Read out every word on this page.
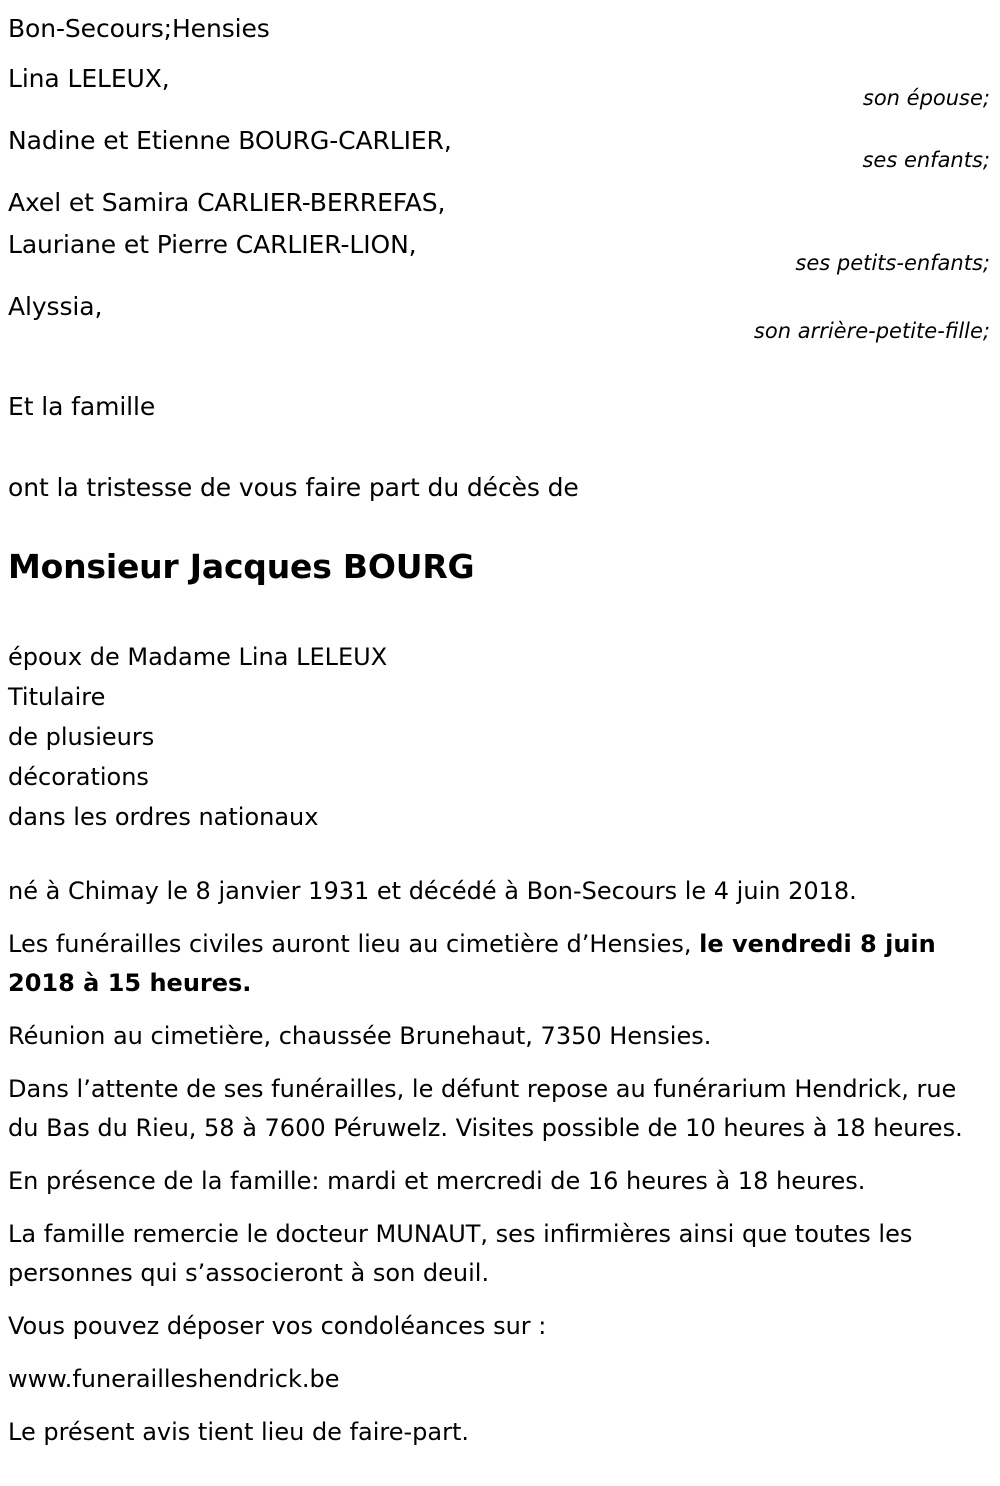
Bon-Secours;Hensies
Lina LELEUX,
son épouse;
Nadine et Etienne BOURG-CARLIER,
ses enfants;
Axel et Samira CARLIER-BERREFAS,
Lauriane et Pierre CARLIER-LION,
ses petits-enfants;
Alyssia,
son arrière-petite-fille;
Et la famille
ont la tristesse de vous faire part du décès de
Monsieur Jacques BOURG
époux de Madame Lina LELEUX
Titulaire
de plusieurs
décorations
dans les ordres nationaux
né à Chimay le 8 janvier 1931 et décédé à Bon-Secours le 4 juin 2018.
Les funérailles civiles auront lieu au cimetière d’Hensies, le vendredi 8 juin 2018 à 15 heures.
Réunion au cimetière, chaussée Brunehaut, 7350 Hensies.
Dans l’attente de ses funérailles, le défunt repose au funérarium Hendrick, rue du Bas du Rieu, 58 à 7600 Péruwelz. Visites possible de 10 heures à 18 heures.
En présence de la famille: mardi et mercredi de 16 heures à 18 heures.
La famille remercie le docteur MUNAUT, ses infirmières ainsi que toutes les personnes qui s’associeront à son deuil.
Vous pouvez déposer vos condoléances sur :
www.funerailleshendrick.be
Le présent avis tient lieu de faire-part.
